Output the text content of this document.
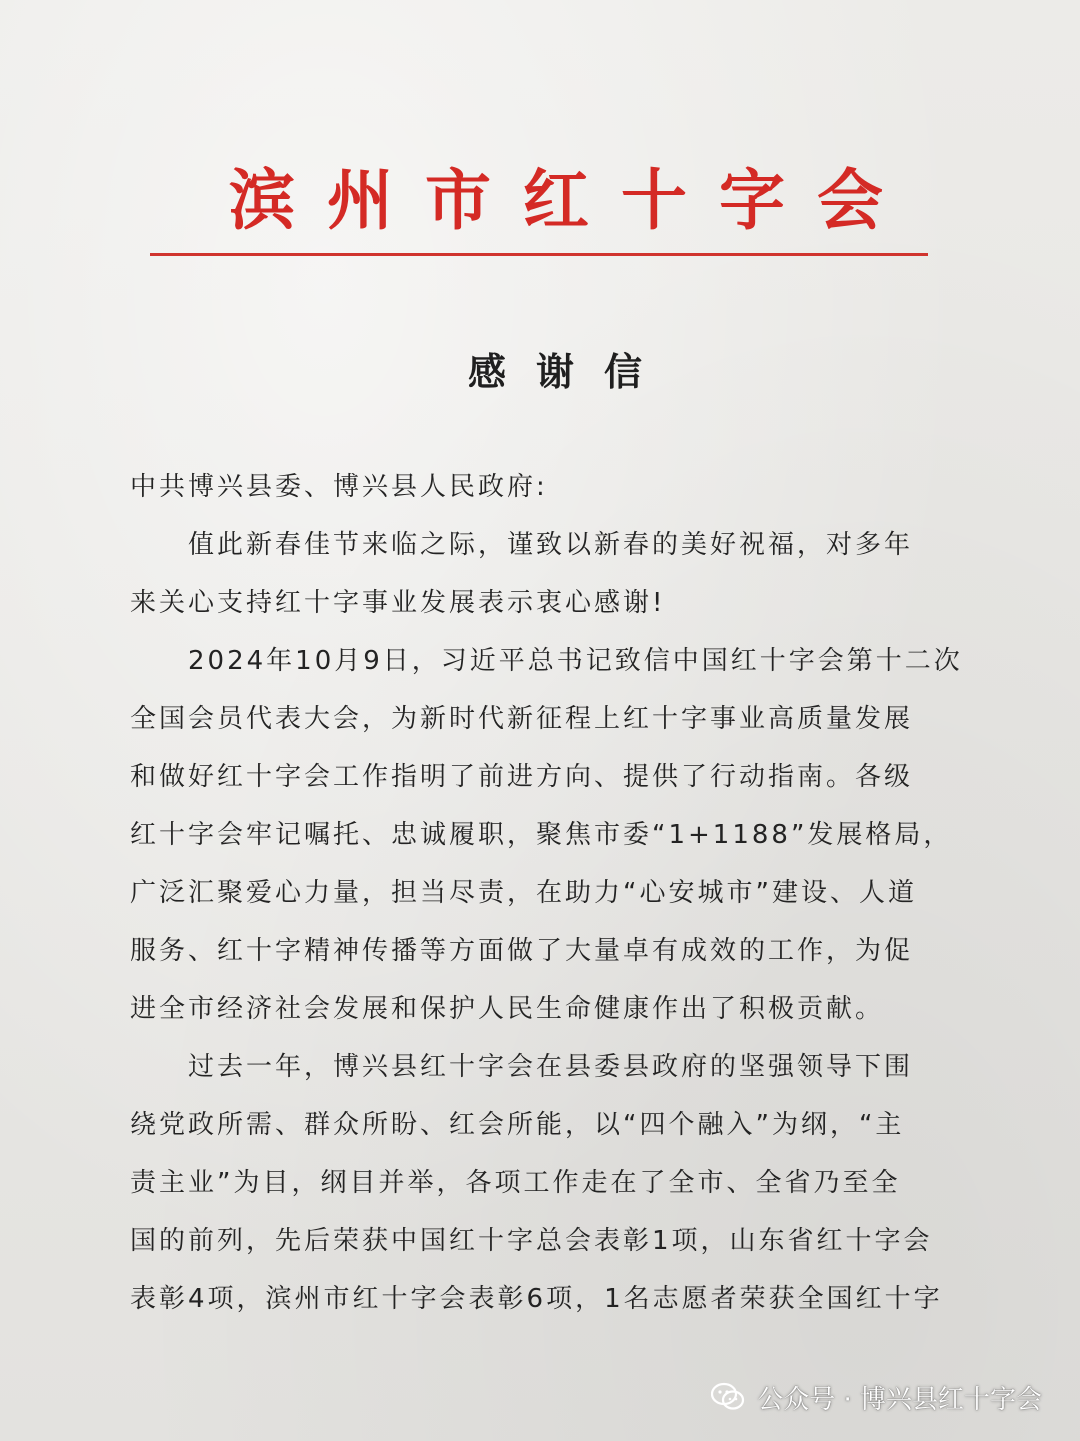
滨州市红十字会
感谢信
中共博兴县委、博兴县人民政府:
　　值此新春佳节来临之际，谨致以新春的美好祝福，对多年
来关心支持红十字事业发展表示衷心感谢!
　　2024年10月9日，习近平总书记致信中国红十字会第十二次
全国会员代表大会，为新时代新征程上红十字事业高质量发展
和做好红十字会工作指明了前进方向、提供了行动指南。各级
红十字会牢记嘱托、忠诚履职，聚焦市委“1+1188”发展格局，
广泛汇聚爱心力量，担当尽责，在助力“心安城市”建设、人道
服务、红十字精神传播等方面做了大量卓有成效的工作，为促
进全市经济社会发展和保护人民生命健康作出了积极贡献。
　　过去一年，博兴县红十字会在县委县政府的坚强领导下围
绕党政所需、群众所盼、红会所能，以“四个融入”为纲，“主
责主业”为目，纲目并举，各项工作走在了全市、全省乃至全
国的前列，先后荣获中国红十字总会表彰1项，山东省红十字会
表彰4项，滨州市红十字会表彰6项，1名志愿者荣获全国红十字
公众号 · 博兴县红十字会
